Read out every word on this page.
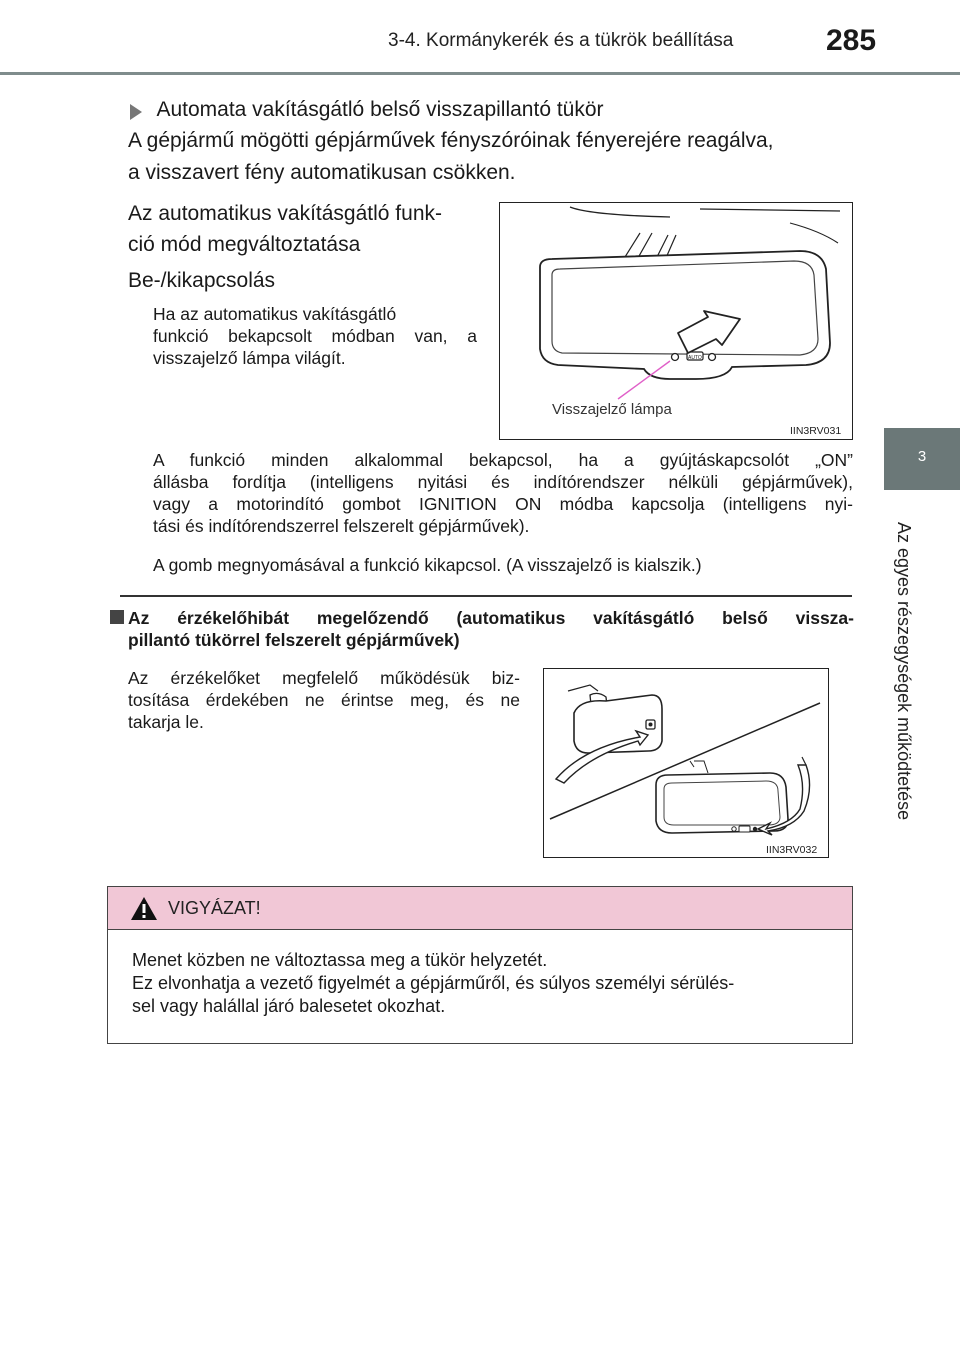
3-4. Kormánykerék és a tükrök beállítása	285
3
Az egyes részegységek működtetése
Automata vakításgátló belső visszapillantó tükör
A gépjármű mögötti gépjárművek fényszóróinak fényerejére reagálva,
a visszavert fény automatikusan csökken.
Az automatikus vakításgátló funk-
ció mód megváltoztatása
Be-/kikapcsolás
Ha az automatikus vakításgátló
funkció bekapcsolt módban van, a
visszajelző lámpa világít.	AUTO
Visszajelző lámpa
IIN3RV031
A funkció minden alkalommal bekapcsol, ha a gyújtáskapcsolót „ON”
állásba fordítja (intelligens nyitási és indítórendszer nélküli gépjárművek),
vagy a motorindító gombot IGNITION ON módba kapcsolja (intelligens nyi-
tási és indítórendszerrel felszerelt gépjárművek).
A gomb megnyomásával a funkció kikapcsol. (A visszajelző is kialszik.)
Az érzékelőhibát megelőzendő (automatikus vakításgátló belső vissza-
pillantó tükörrel felszerelt gépjárművek)
Az érzékelőket megfelelő működésük biz-
tosítása érdekében ne érintse meg, és ne
takarja le.
IIN3RV032
VIGYÁZAT!
Menet közben ne változtassa meg a tükör helyzetét.
Ez elvonhatja a vezető figyelmét a gépjárműről, és súlyos személyi sérülés-
sel vagy halállal járó balesetet okozhat.
